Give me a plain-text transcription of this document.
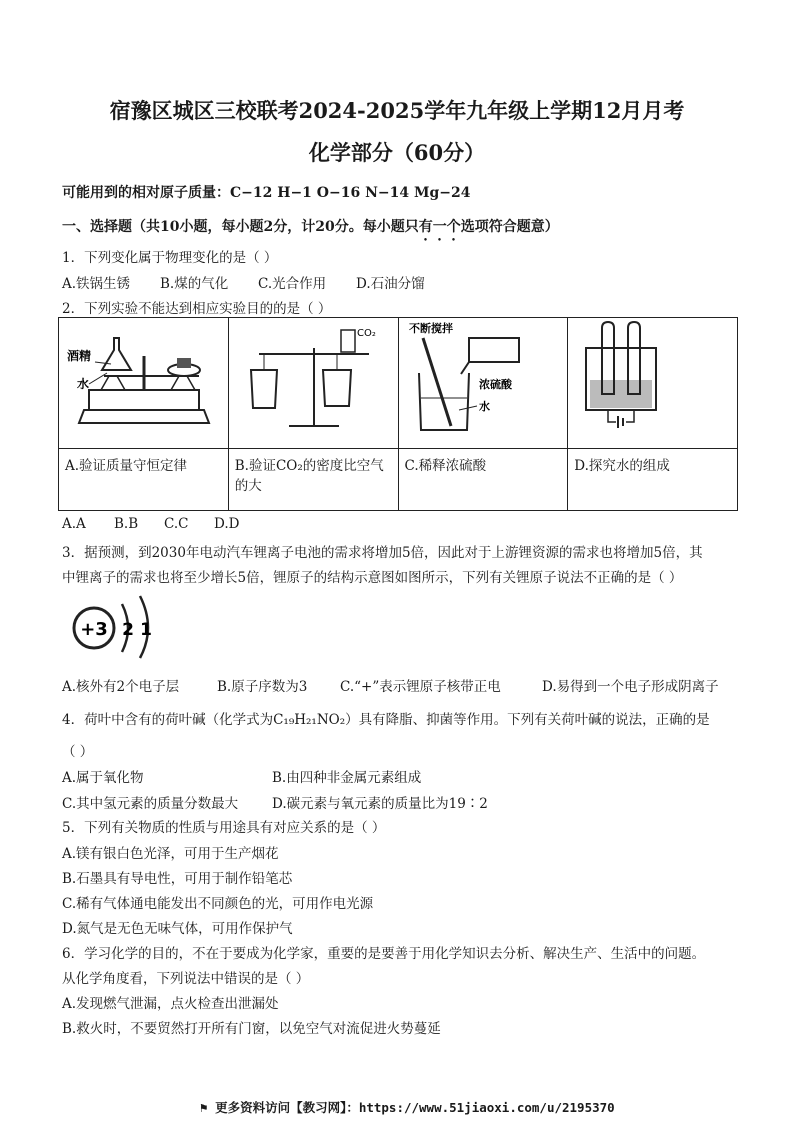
宿豫区城区三校联考2024-2025学年九年级上学期12月月考
化学部分（60分）
可能用到的相对原子质量：C−12 H−1 O−16 N−14 Mg−24
一、选择题（共10小题，每小题2分，计20分。每小题只有一个选项符合题意）
1．下列变化属于物理变化的是（ ）
A.铁锅生锈 B.煤的气化 C.光合作用 D.石油分馏
2．下列实验不能达到相应实验目的的是（ ）
酒精
水	CO₂	不断搅拌
浓硫酸
水

A.验证质量守恒定律	B.验证CO₂的密度比空气的大	C.稀释浓硫酸	D.探究水的组成
A.A B.B C.C D.D
3．据预测，到2030年电动汽车锂离子电池的需求将增加5倍，因此对于上游锂资源的需求也将增加5倍，其
中锂离子的需求也将至少增长5倍，锂原子的结构示意图如图所示，下列有关锂原子说法不正确的是（ ）
+3 2 1
A.核外有2个电子层	B.原子序数为3 C.“+”表示锂原子核带正电	D.易得到一个电子形成阴离子
4．荷叶中含有的荷叶碱（化学式为C₁₉H₂₁NO₂）具有降脂、抑菌等作用。下列有关荷叶碱的说法，正确的是
（ ）
A.属于氧化物	B.由四种非金属元素组成
C.其中氢元素的质量分数最大	D.碳元素与氧元素的质量比为19∶2
5．下列有关物质的性质与用途具有对应关系的是（ ）
A.镁有银白色光泽，可用于生产烟花
B.石墨具有导电性，可用于制作铅笔芯
C.稀有气体通电能发出不同颜色的光，可用作电光源
D.氮气是无色无味气体，可用作保护气
6．学习化学的目的，不在于要成为化学家，重要的是要善于用化学知识去分析、解决生产、生活中的问题。
从化学角度看，下列说法中错误的是（ ）
A.发现燃气泄漏，点火检查出泄漏处
B.救火时，不要贸然打开所有门窗，以免空气对流促进火势蔓延
⚑ 更多资料访问【教习网】：https://www.51jiaoxi.com/u/2195370
